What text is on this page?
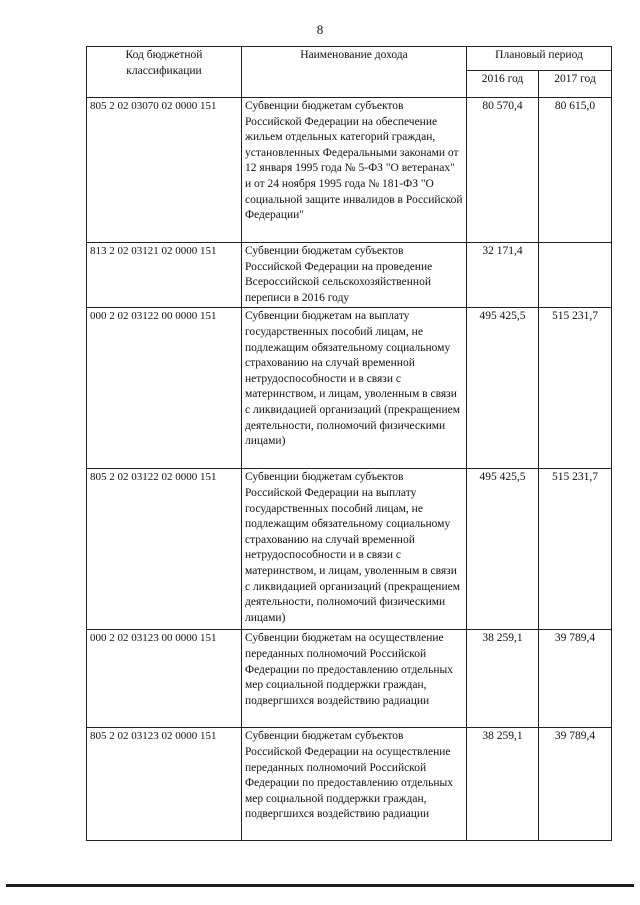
8
Код бюджетной классификации	Наименование дохода	Плановый период	
		2016 год	2017 год
805 2 02 03070 02 0000 151	Субвенции бюджетам субъектов Российской Федерации на обеспечение жильем отдельных категорий граждан, установленных Федеральными законами от 12 января 1995 года № 5-ФЗ "О ветеранах" и от 24 ноября 1995 года № 181-ФЗ "О социальной защите инвалидов в Российской Федерации"	80 570,4	80 615,0
813 2 02 03121 02 0000 151	Субвенции бюджетам субъектов Российской Федерации на проведение Всероссийской сельскохозяйственной переписи в 2016 году	32 171,4	
000 2 02 03122 00 0000 151	Субвенции бюджетам на выплату государственных пособий лицам, не подлежащим обязательному социальному страхованию на случай временной нетрудоспособности и в связи с материнством, и лицам, уволенным в связи с ликвидацией организаций (прекращением деятельности, полномочий физическими лицами)	495 425,5	515 231,7
805 2 02 03122 02 0000 151	Субвенции бюджетам субъектов Российской Федерации на выплату государственных пособий лицам, не подлежащим обязательному социальному страхованию на случай временной нетрудоспособности и в связи с материнством, и лицам, уволенным в связи с ликвидацией организаций (прекращением деятельности, полномочий физическими лицами)	495 425,5	515 231,7
000 2 02 03123 00 0000 151	Субвенции бюджетам на осуществление переданных полномочий Российской Федерации по предоставлению отдельных мер социальной поддержки граждан, подвергшихся воздействию радиации	38 259,1	39 789,4
805 2 02 03123 02 0000 151	Субвенции бюджетам субъектов Российской Федерации на осуществление переданных полномочий Российской Федерации по предоставлению отдельных мер социальной поддержки граждан, подвергшихся воздействию радиации	38 259,1	39 789,4
